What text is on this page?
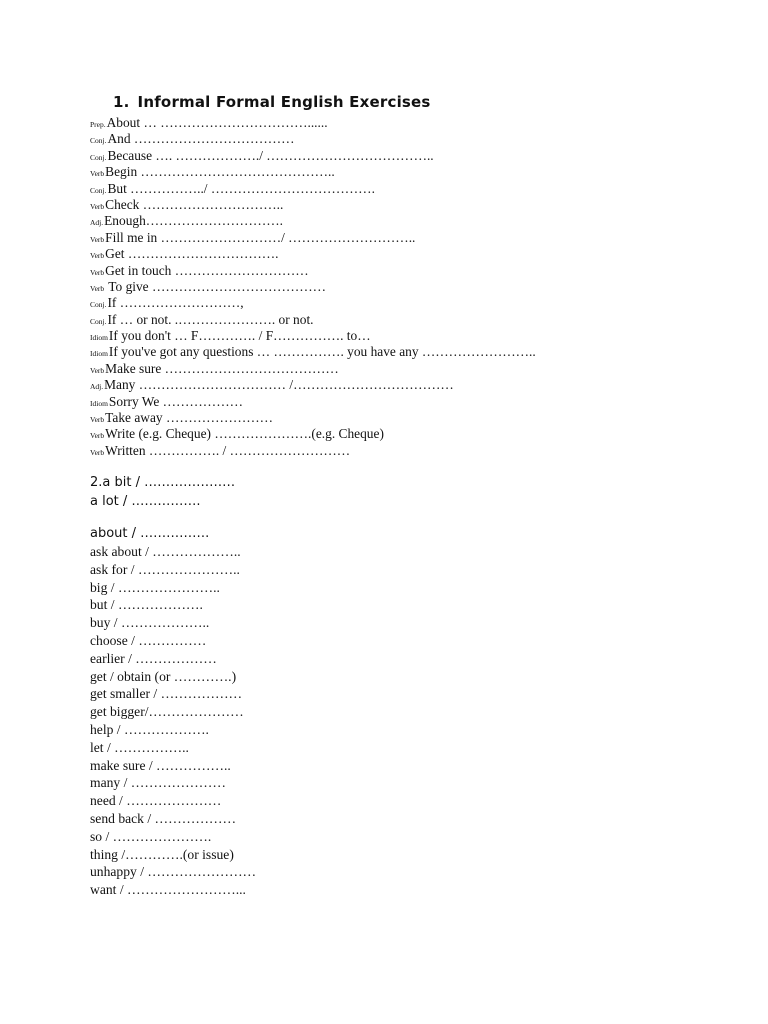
1. Informal Formal English Exercises
Prep.About … ……………………………......
Conj.And ………………………………
Conj.Because …. ………………./ ………………………………..
VerbBegin ……………………………………..
Conj.But ……………../ ……………………………….
VerbCheck …………………………..
Adj.Enough………………………….
VerbFill me in ………………………/ ………………………..
VerbGet …………………………….
VerbGet in touch …………………………
Verb To give …………………………………
Conj.If ………………………,
Conj.If … or not. .…………………. or not.
IdiomIf you don't … F…………. / F……………. to…
IdiomIf you've got any questions … ……………. you have any ……………………..
VerbMake sure …………………………………
Adj.Many …………………………… /………………………………
IdiomSorry We ………………
VerbTake away ……………………
VerbWrite (e.g. Cheque) ………………….(e.g. Cheque)
VerbWritten ……………. / ………………………
2.a bit / …………………
a lot / …………….
about / …………….
ask about / ………………..
ask for / …………………..
big / …………………..
but / ……………….
buy / ………………..
choose / ……………
earlier / ………………
get / obtain (or ………….)
get smaller / ………………
get bigger/…………………
help / ……………….
let / ……………..
make sure / ……………..
many / …………………
need / …………………
send back / ………………
so / ………………….
thing /………….(or issue)
unhappy / ……………………
want / ……………………...
